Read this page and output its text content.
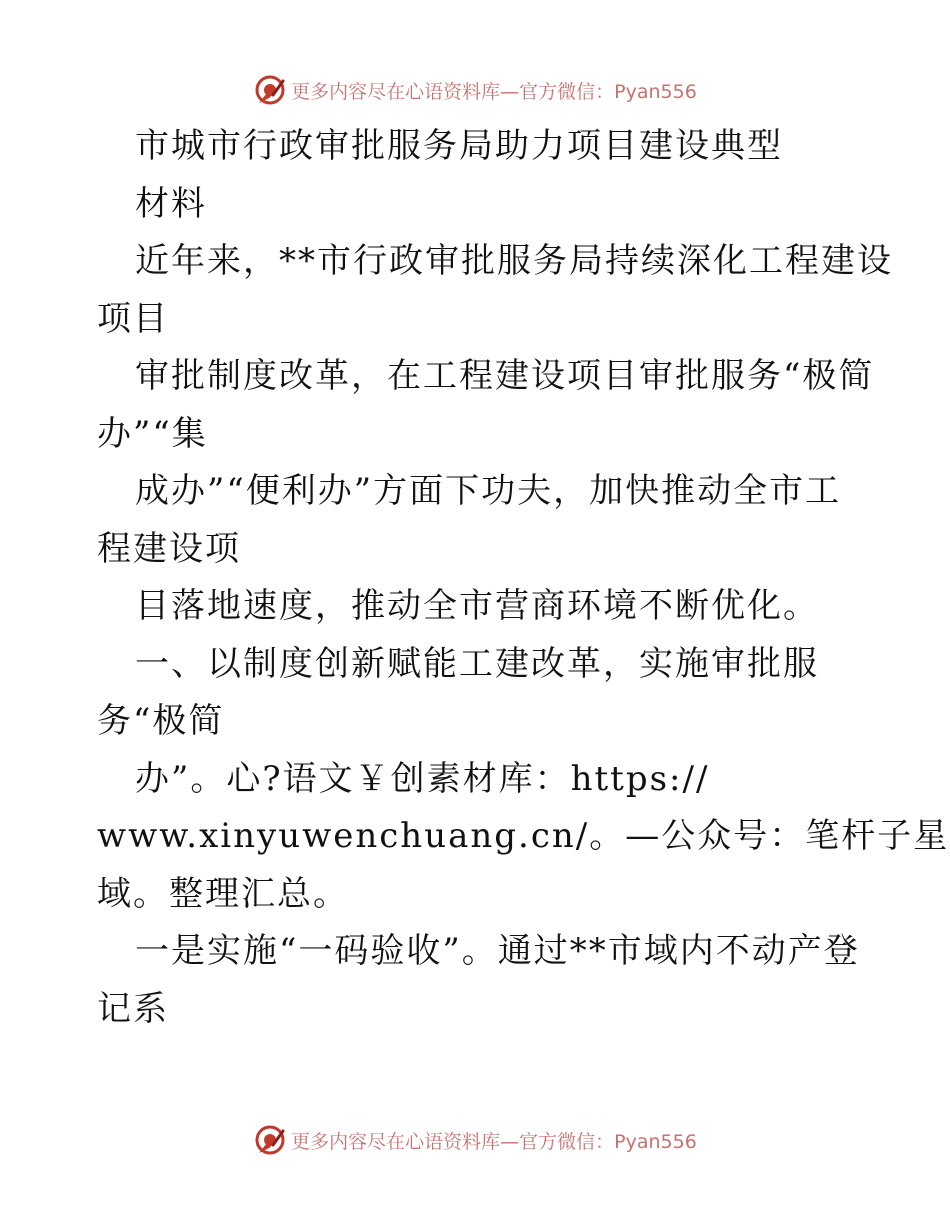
更多内容尽在心语资料库—官方微信：Pyan556
市城市行政审批服务局助力项目建设典型
材料
近年来，**市行政审批服务局持续深化工程建设
项目
审批制度改革，在工程建设项目审批服务“极简
办”“集
成办”“便利办”方面下功夫，加快推动全市工
程建设项
目落地速度，推动全市营商环境不断优化。
一、以制度创新赋能工建改革，实施审批服
务“极简
办”。心?语文￥创素材库：https://
www.xinyuwenchuang.cn/。—公众号：笔杆子星
域。整理汇总。
一是实施“一码验收”。通过**市域内不动产登
记系
更多内容尽在心语资料库—官方微信：Pyan556
